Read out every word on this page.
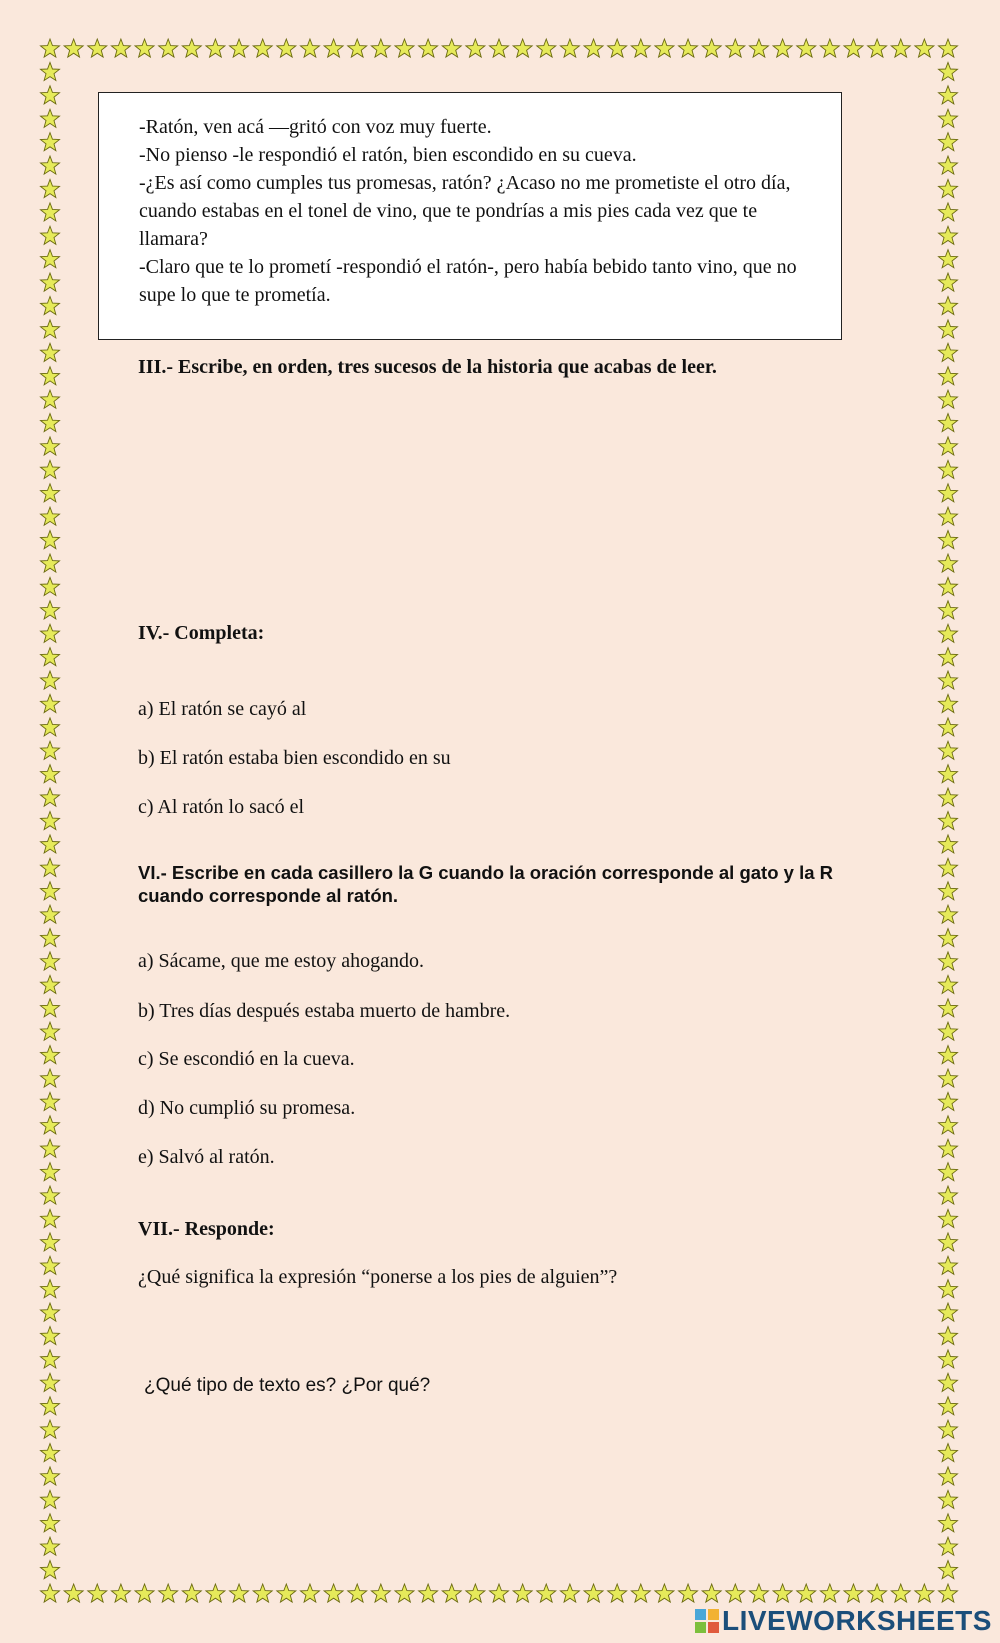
-Ratón, ven acá —gritó con voz muy fuerte.

-No pienso -le respondió el ratón, bien escondido en su cueva.

-¿Es así como cumples tus promesas, ratón? ¿Acaso no me prometiste el otro día,

cuando estabas en el tonel de vino, que te pondrías a mis pies cada vez que te

llamara?

-Claro que te lo prometí -respondió el ratón-, pero había bebido tanto vino, que no

supe lo que te prometía.

III.- Escribe, en orden, tres sucesos de la historia que acabas de leer.

IV.- Completa:

a) El ratón se cayó al

b) El ratón estaba bien escondido en su

c) Al ratón lo sacó el

VI.- Escribe en cada casillero la G cuando la oración corresponde al gato y la R cuando corresponde al ratón.

a) Sácame, que me estoy ahogando.

b) Tres días después estaba muerto de hambre.

c) Se escondió en la cueva.

d) No cumplió su promesa.

e) Salvó al ratón.

VII.- Responde:

¿Qué significa la expresión “ponerse a los pies de alguien”?

¿Qué tipo de texto es? ¿Por qué?

LIVEWORKSHEETS
